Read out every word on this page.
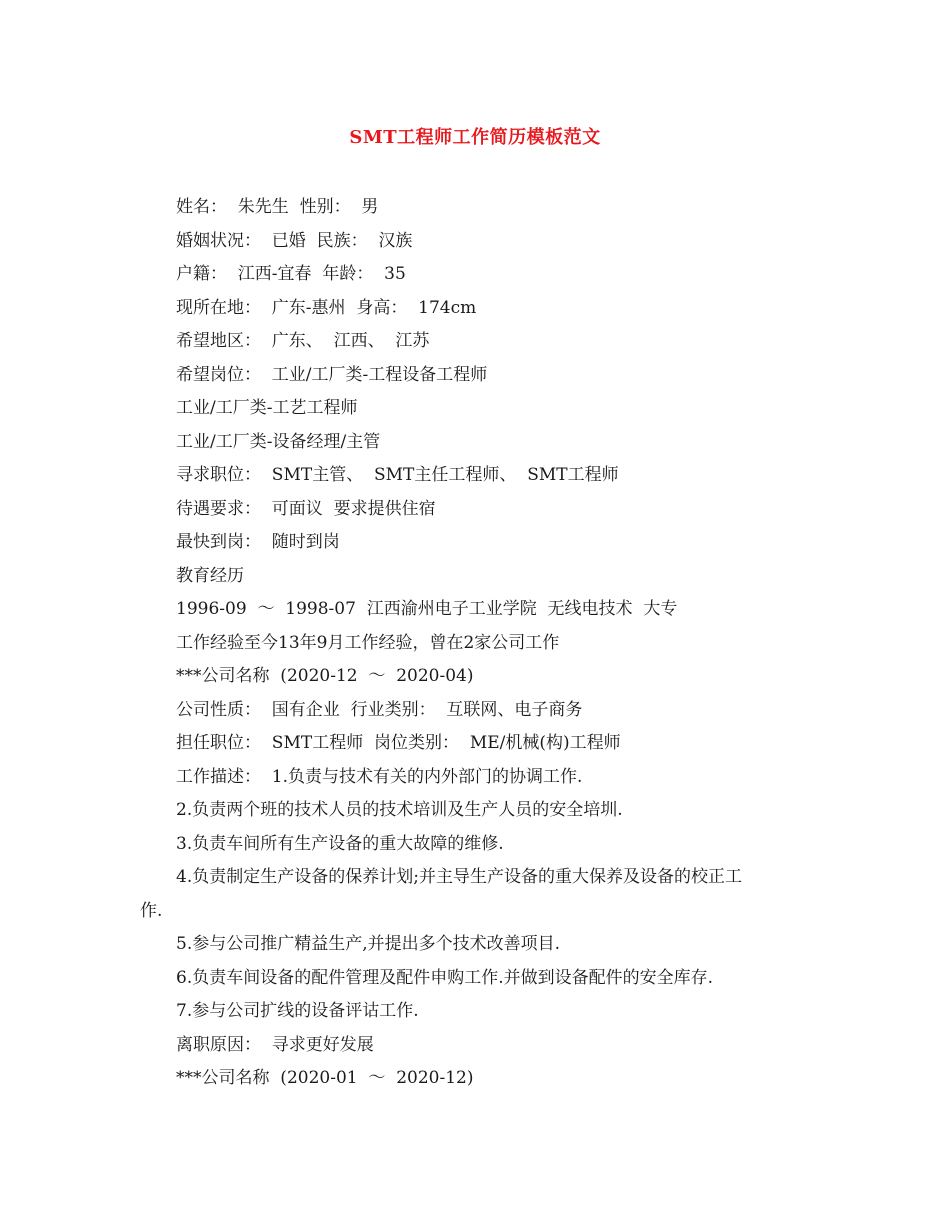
SMT工程师工作简历模板范文
姓名：  朱先生  性别：  男
婚姻状况：  已婚  民族：  汉族
户籍：  江西-宜春  年龄：  35
现所在地：  广东-惠州  身高：  174cm
希望地区：  广东、  江西、  江苏
希望岗位：  工业/工厂类-工程设备工程师
工业/工厂类-工艺工程师
工业/工厂类-设备经理/主管
寻求职位：  SMT主管、  SMT主任工程师、  SMT工程师
待遇要求：  可面议  要求提供住宿
最快到岗：  随时到岗
教育经历
1996-09  ～  1998-07  江西渝州电子工业学院  无线电技术  大专
工作经验至今13年9月工作经验，曾在2家公司工作
***公司名称  (2020-12  ～  2020-04)
公司性质：  国有企业  行业类别：  互联网、电子商务
担任职位：  SMT工程师  岗位类别：  ME/机械(构)工程师
工作描述：  1.负责与技术有关的内外部门的协调工作.
2.负责两个班的技术人员的技术培训及生产人员的安全培圳.
3.负责车间所有生产设备的重大故障的维修.
4.负责制定生产设备的保养计划;并主导生产设备的重大保养及设备的校正工
作.
5.参与公司推广精益生产,并提出多个技术改善项目.
6.负责车间设备的配件管理及配件申购工作.并做到设备配件的安全库存.
7.参与公司扩线的设备评诂工作.
离职原因：  寻求更好发展
***公司名称  (2020-01  ～  2020-12)
